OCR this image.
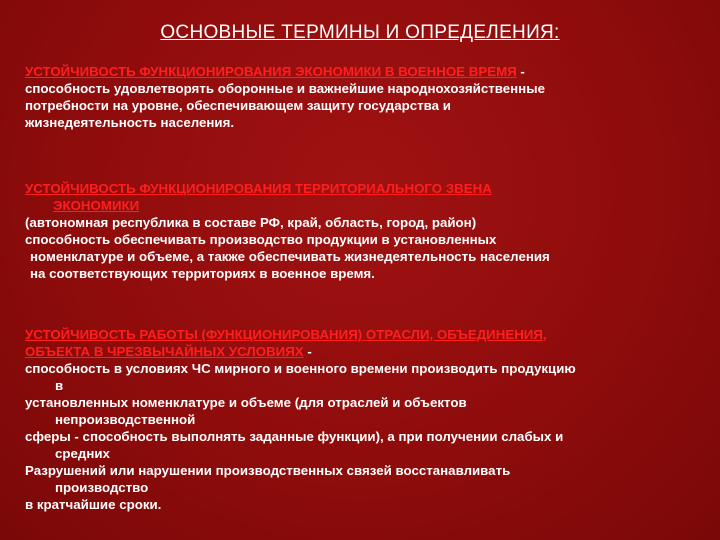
ОСНОВНЫЕ ТЕРМИНЫ И ОПРЕДЕЛЕНИЯ:
УСТОЙЧИВОСТЬ ФУНКЦИОНИРОВАНИЯ ЭКОНОМИКИ В ВОЕННОЕ ВРЕМЯ -
способность удовлетворять оборонные и важнейшие народнохозяйственные
потребности на уровне, обеспечивающем защиту государства и
жизнедеятельность населения.
УСТОЙЧИВОСТЬ ФУНКЦИОНИРОВАНИЯ ТЕРРИТОРИАЛЬНОГО ЗВЕНА
ЭКОНОМИКИ
(автономная республика в составе РФ, край, область, город, район)
способность обеспечивать производство продукции в установленных
номенклатуре и объеме, а также обеспечивать жизнедеятельность населения
на соответствующих территориях в военное время.
УСТОЙЧИВОСТЬ РАБОТЫ (ФУНКЦИОНИРОВАНИЯ) ОТРАСЛИ, ОБЪЕДИНЕНИЯ,
ОБЪЕКТА В ЧРЕЗВЫЧАЙНЫХ УСЛОВИЯХ -
способность в условиях ЧС мирного и военного времени производить продукцию
в
установленных номенклатуре и объеме (для отраслей и объектов
непроизводственной
сферы - способность выполнять заданные функции), а при получении слабых и
средних
Разрушений или нарушении производственных связей восстанавливать
производство
в кратчайшие сроки.
